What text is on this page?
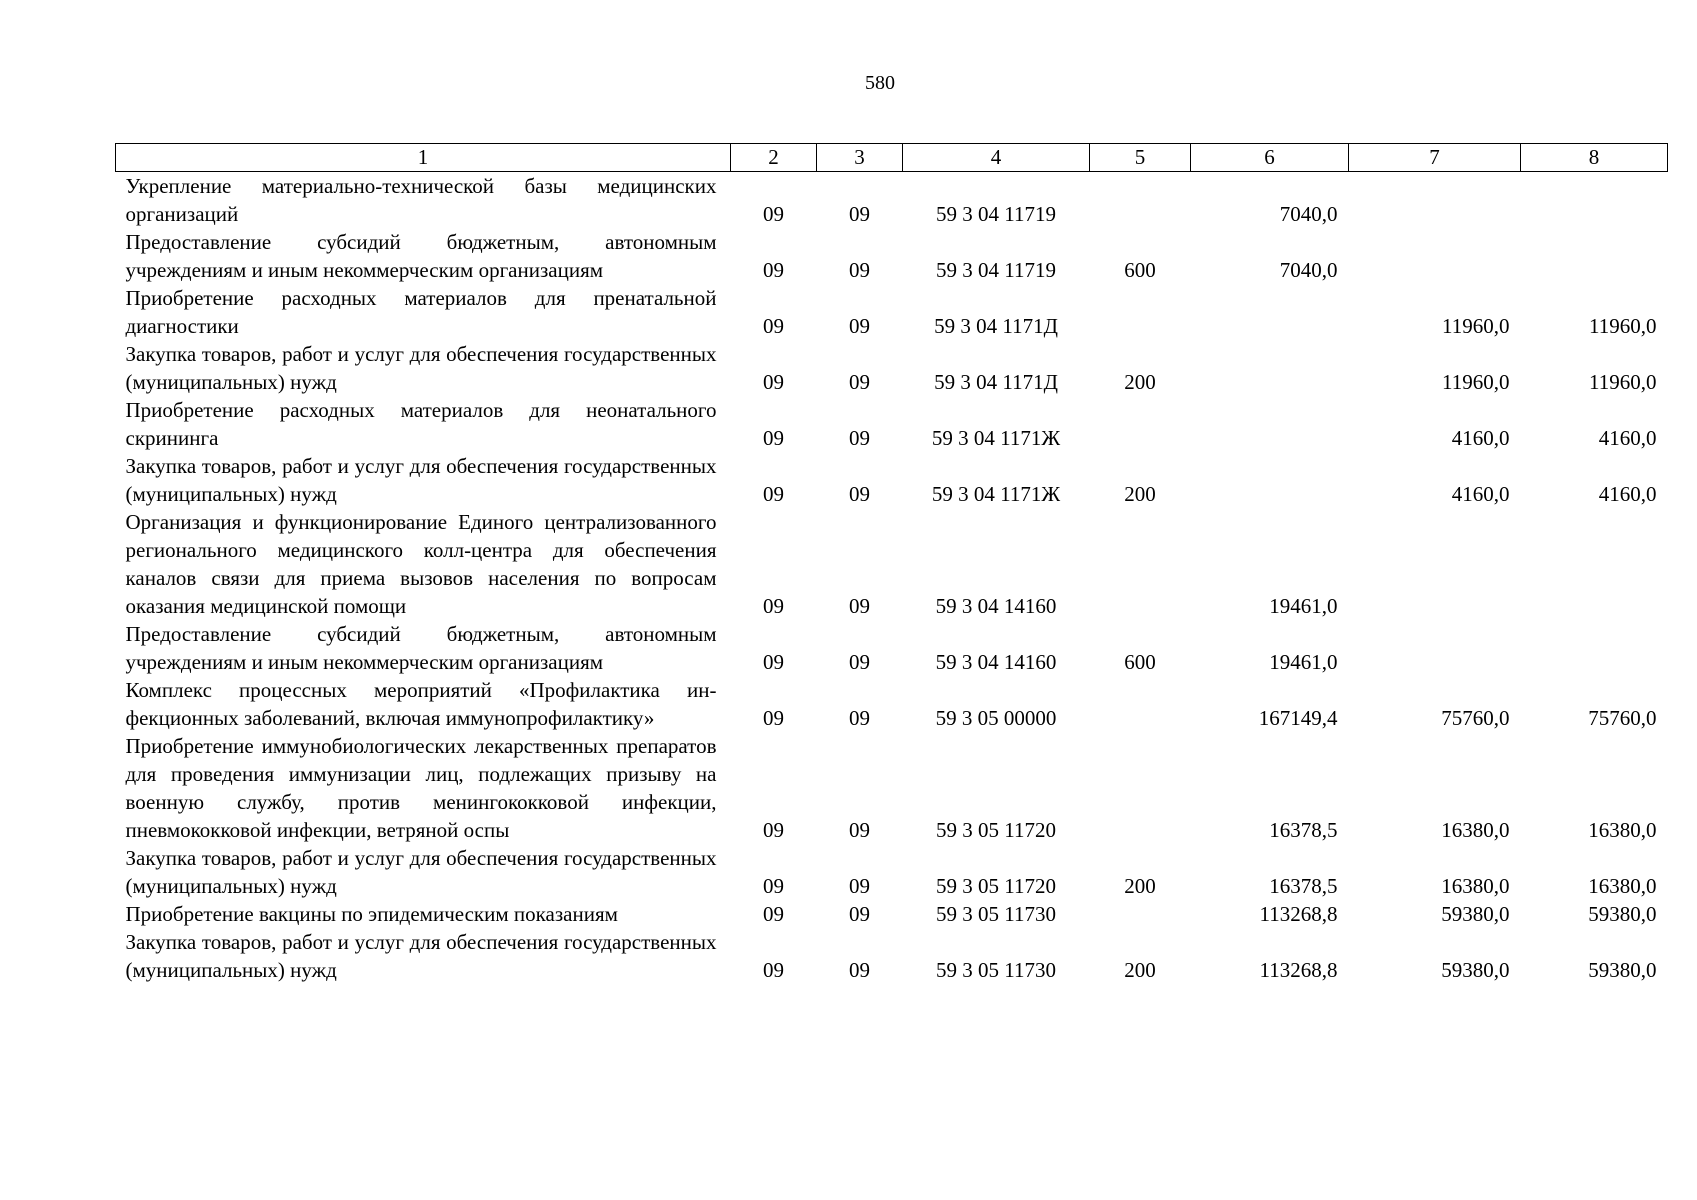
580
1	2	3	4	5	6	7	8
Укрепление материально-технической базы медицинских организаций	09	09	59 3 04 11719		7040,0		
Предоставление субсидий бюджетным, автономным учреждениям и иным некоммерческим организациям	09	09	59 3 04 11719	600	7040,0		
Приобретение расходных материалов для пренатальной диагностики	09	09	59 3 04 1171Д			11960,0	11960,0
Закупка товаров, работ и услуг для обеспечения государственных (муниципальных) нужд	09	09	59 3 04 1171Д	200		11960,0	11960,0
Приобретение расходных материалов для неонатального скрининга	09	09	59 3 04 1171Ж			4160,0	4160,0
Закупка товаров, работ и услуг для обеспечения государственных (муниципальных) нужд	09	09	59 3 04 1171Ж	200		4160,0	4160,0
Организация и функционирование Единого централизованного регионального медицинского колл-центра для обеспечения каналов связи для приема вызовов населения по вопросам оказания медицинской помощи	09	09	59 3 04 14160		19461,0		
Предоставление субсидий бюджетным, автономным учреждениям и иным некоммерческим организациям	09	09	59 3 04 14160	600	19461,0		
Комплекс процессных мероприятий «Профилактика инфекционных заболеваний, включая иммунопрофилактику»	09	09	59 3 05 00000		167149,4	75760,0	75760,0
Приобретение иммунобиологических лекарственных препаратов для проведения иммунизации лиц, подлежащих призыву на военную службу, против менингококковой инфекции, пневмококковой инфекции, ветряной оспы	09	09	59 3 05 11720		16378,5	16380,0	16380,0
Закупка товаров, работ и услуг для обеспечения государственных (муниципальных) нужд	09	09	59 3 05 11720	200	16378,5	16380,0	16380,0
Приобретение вакцины по эпидемическим показаниям	09	09	59 3 05 11730		113268,8	59380,0	59380,0
Закупка товаров, работ и услуг для обеспечения государственных (муниципальных) нужд	09	09	59 3 05 11730	200	113268,8	59380,0	59380,0
